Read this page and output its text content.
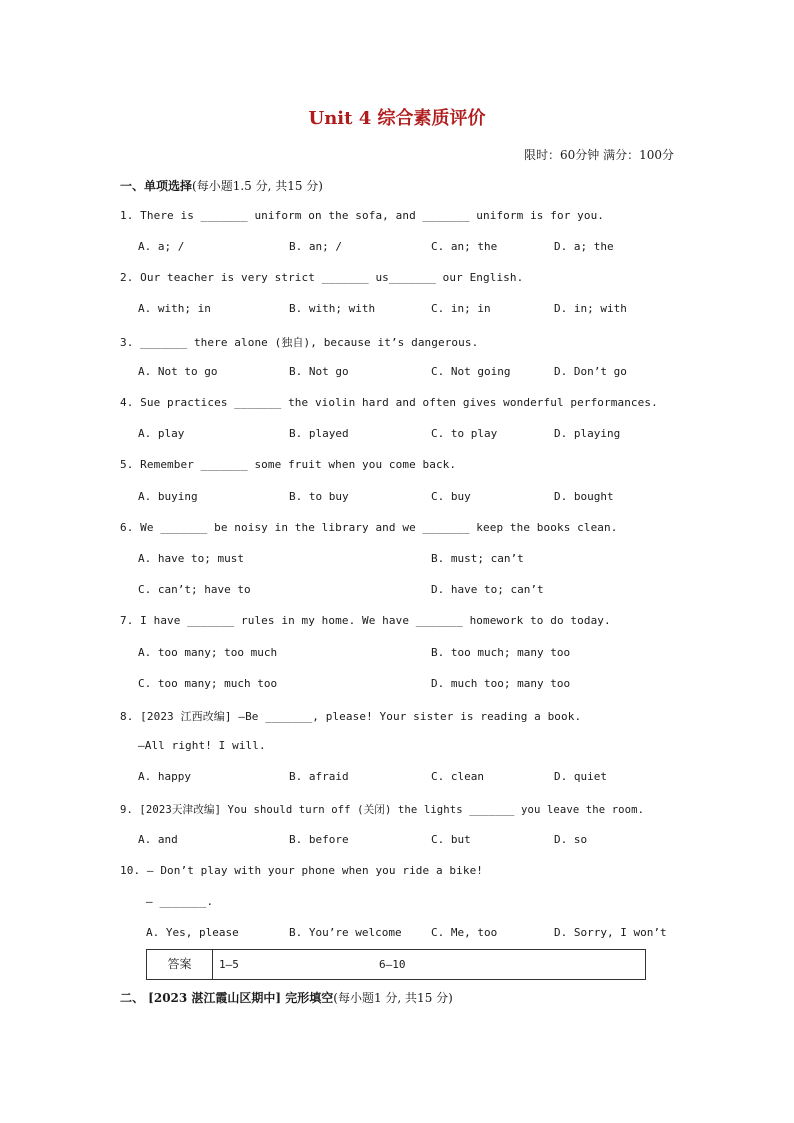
Unit 4 综合素质评价
限时：60分钟 满分：100分
一、单项选择(每小题1.5 分, 共15 分)
1. There is _______ uniform on the sofa, and _______ uniform is for you.
A. a; /	B. an; /	C. an; the	D. a; the
2. Our teacher is very strict _______ us_______ our English.
A. with; in	B. with; with	C. in; in	D. in; with
3. _______ there alone (独自), because it’s dangerous.
A. Not to go	B. Not go	C. Not going	D. Don’t go
4. Sue practices _______ the violin hard and often gives wonderful performances.
A. play	B. played	C. to play	D. playing
5. Remember _______ some fruit when you come back.
A. buying	B. to buy	C. buy	D. bought
6. We _______ be noisy in the library and we _______ keep the books clean.
A. have to; must	B. must; can’t
C. can’t; have to	D. have to; can’t
7. I have _______ rules in my home. We have _______ homework to do today.
A. too many; too much	B. too much; many too
C. too many; much too	D. much too; many too
8. [2023 江西改编] —Be _______, please! Your sister is reading a book.
—All right! I will.
A. happy	B. afraid	C. clean	D. quiet
9. [2023天津改编] You should turn off (关闭) the lights _______ you leave the room.
A. and	B. before	C. but	D. so
10. — Don’t play with your phone when you ride a bike!
— _______.
A. Yes, please	B. You’re welcome	C. Me, too	D. Sorry, I won’t
答案	1—5	6—10
二、 [2023 湛江霞山区期中] 完形填空(每小题1 分, 共15 分)
